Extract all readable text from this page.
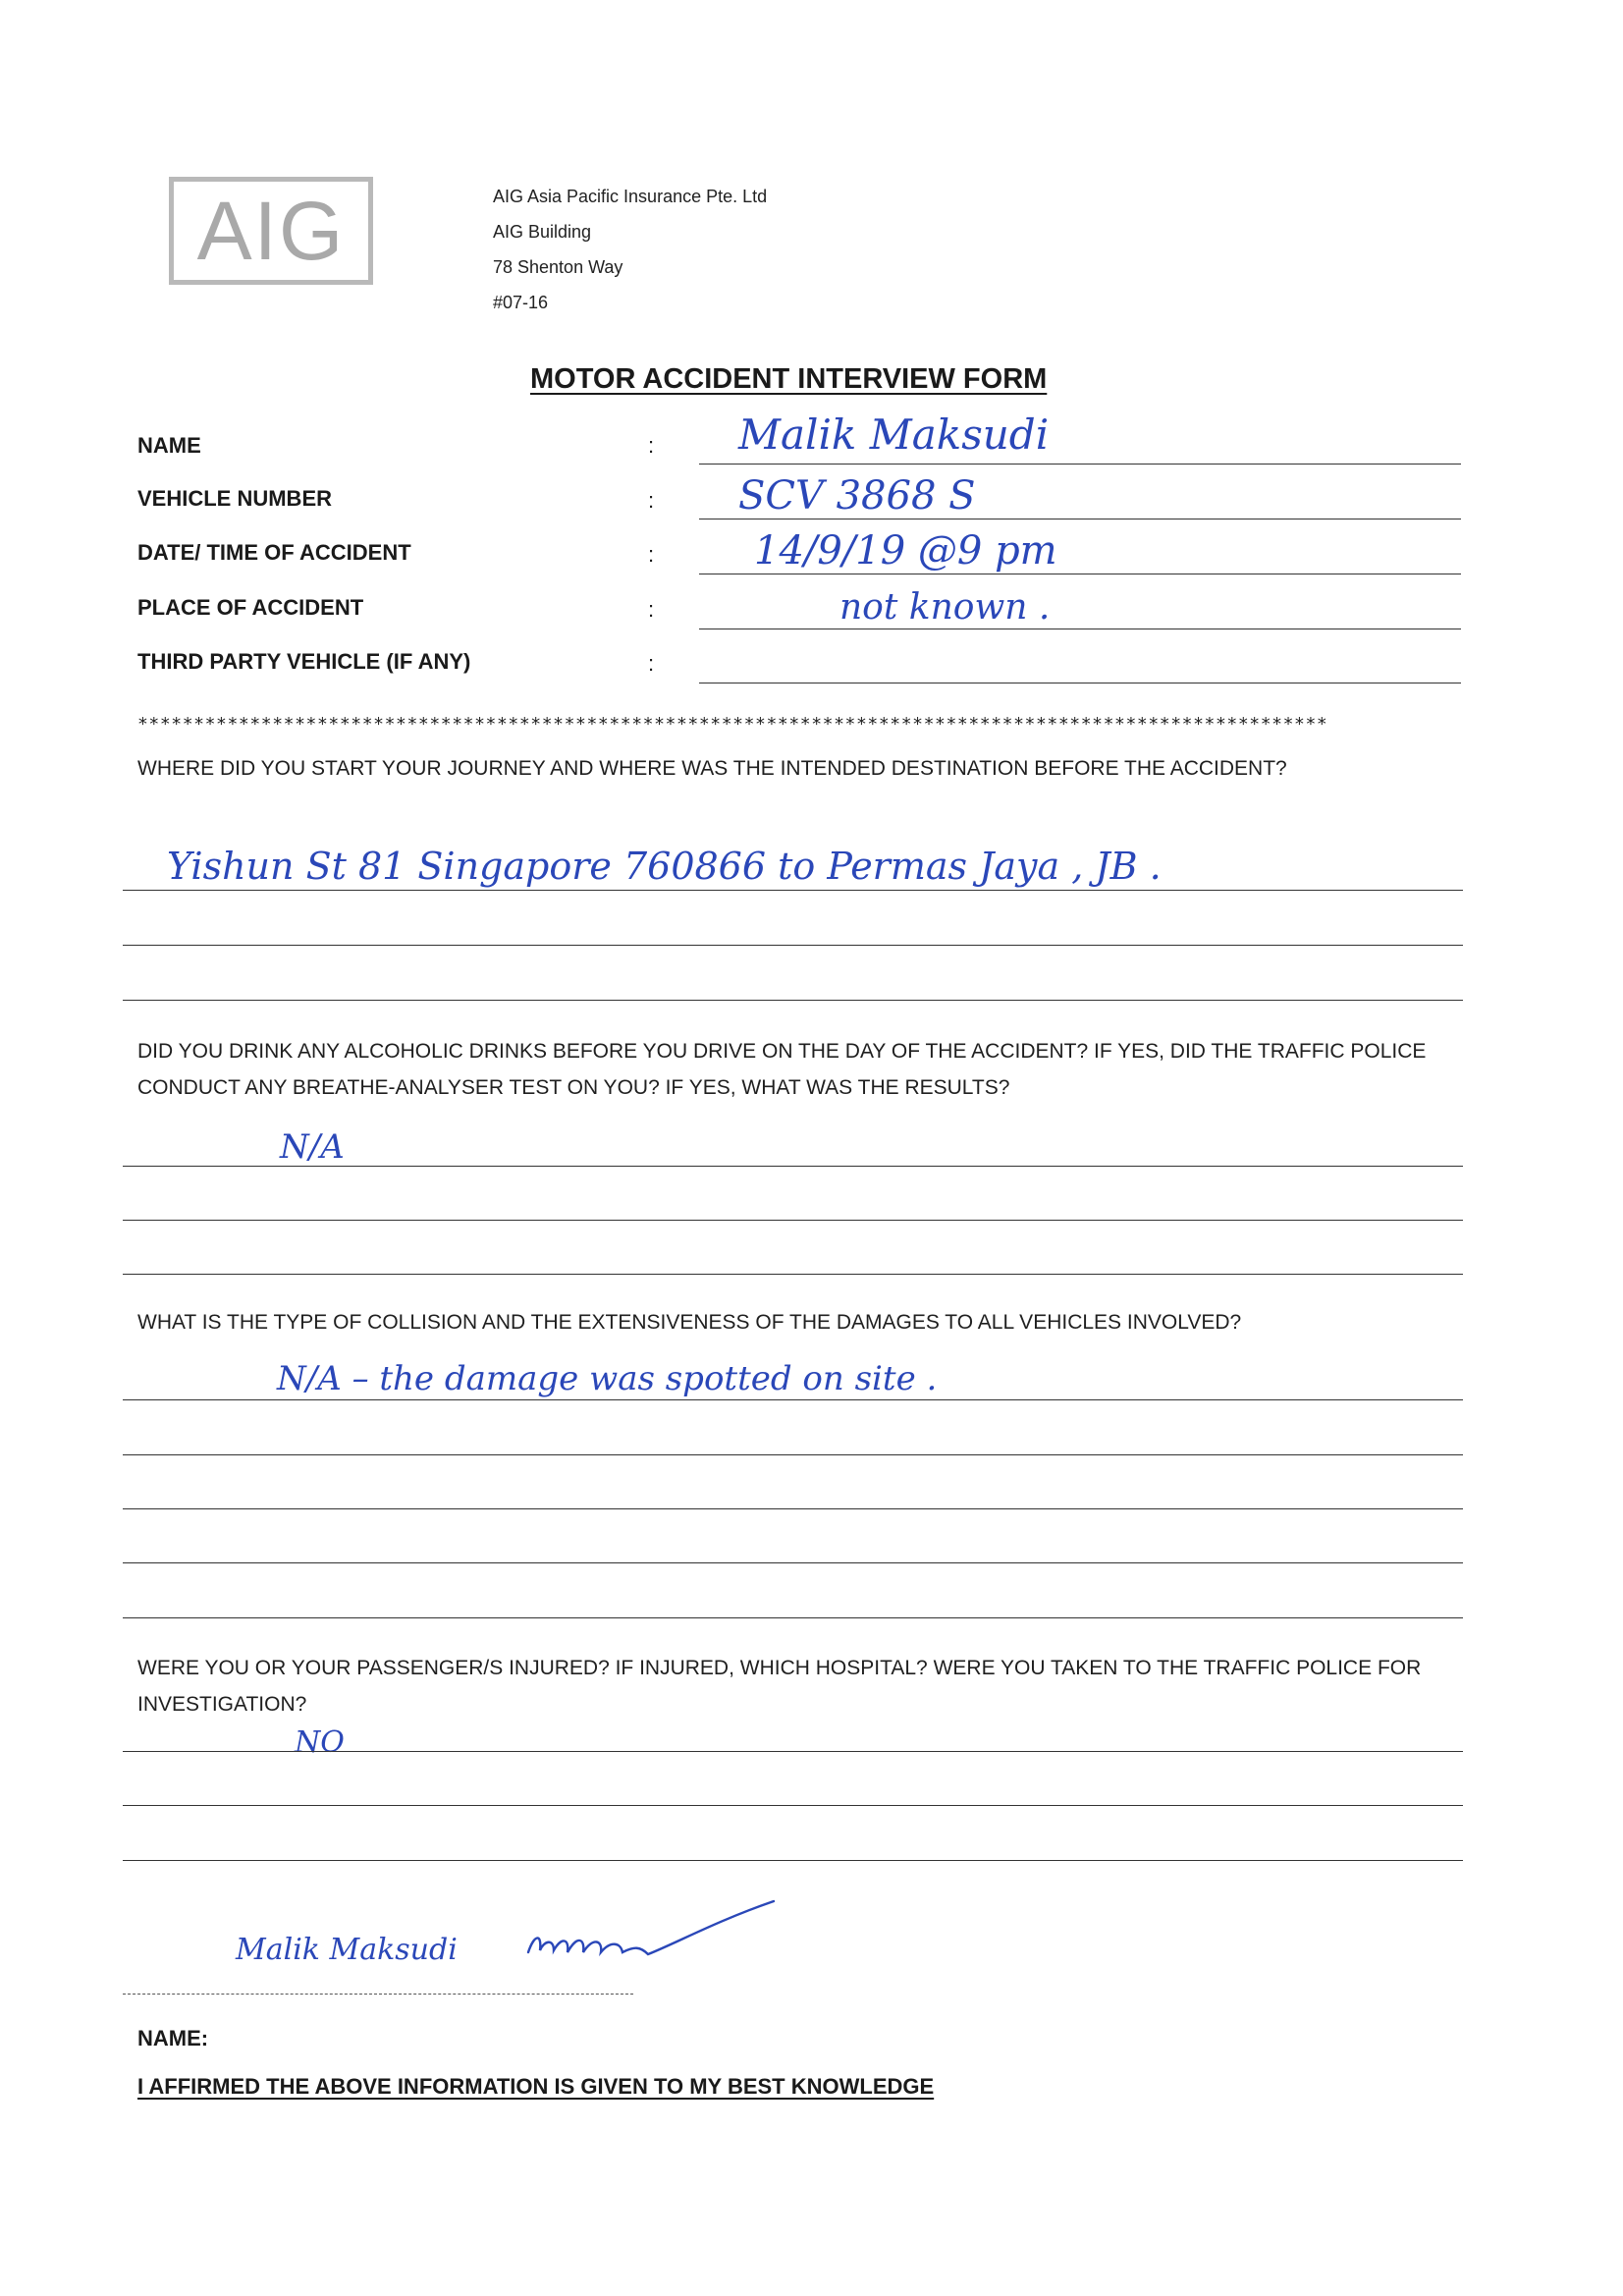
AIG	AIG Asia Pacific Insurance Pte. Ltd
AIG Building
78 Shenton Way
#07-16
MOTOR ACCIDENT INTERVIEW FORM
NAME	: Malik Maksudi
VEHICLE NUMBER	: SCV 3868 S
DATE/ TIME OF ACCIDENT	:	14/9/19 @9 pm
PLACE OF ACCIDENT	:	not known .
THIRD PARTY VEHICLE (IF ANY)	:
**********************************************************************************************************
WHERE DID YOU START YOUR JOURNEY AND WHERE WAS THE INTENDED DESTINATION BEFORE THE ACCIDENT?
Yishun St 81 Singapore 760866 to Permas Jaya , JB .
DID YOU DRINK ANY ALCOHOLIC DRINKS BEFORE YOU DRIVE ON THE DAY OF THE ACCIDENT? IF YES, DID THE TRAFFIC POLICE CONDUCT ANY BREATHE-ANALYSER TEST ON YOU? IF YES, WHAT WAS THE RESULTS?
N/A
WHAT IS THE TYPE OF COLLISION AND THE EXTENSIVENESS OF THE DAMAGES TO ALL VEHICLES INVOLVED?
N/A – the damage was spotted on site .
WERE YOU OR YOUR PASSENGER/S INJURED? IF INJURED, WHICH HOSPITAL? WERE YOU TAKEN TO THE TRAFFIC POLICE FOR INVESTIGATION?
NO
Malik Maksudi
NAME:
I AFFIRMED THE ABOVE INFORMATION IS GIVEN TO MY BEST KNOWLEDGE
